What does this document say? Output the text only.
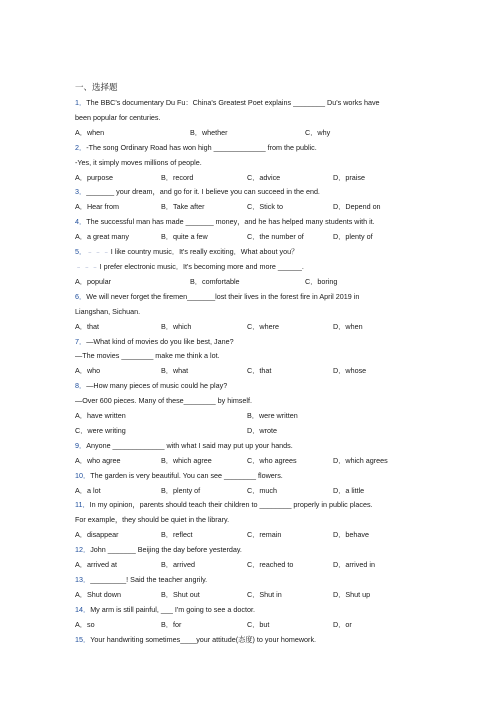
一、选择题
1．The BBC's documentary Du Fu：China's Greatest Poet explains ________ Du's works have
been popular for centuries.
A．when	B．whether	C．why
2．-The song Ordinary Road has won high _____________ from the public.
-Yes, it simply moves millions of people.
A．purpose	B．record	C．advice	D．praise
3．_______ your dream，and go for it. I believe you can succeed in the end.
A．Hear from	B．Take after	C．Stick to	D．Depend on
4．The successful man has made _______ money，and he has helped many students with it.
A．a great many	B．quite a few	C．the number of	D．plenty of
5．﹣﹣﹣I like country music．It's really exciting．What about you？
﹣﹣﹣I prefer electronic music．It's becoming more and more ______.
A．popular	B．comfortable	C．boring
6．We will never forget the firemen_______lost their lives in the forest fire in April 2019 in
Liangshan, Sichuan.
A．that	B．which	C．where	D．when
7．—What kind of movies do you like best, Jane?
—The movies ________ make me think a lot.
A．who	B．what	C．that	D．whose
8．—How many pieces of music could he play?
—Over 600 pieces. Many of these________ by himself.
A．have written	B．were written
C．were writing	D．wrote
9．Anyone _____________ with what I said may put up your hands.
A．who agree	B．which agree	C．who agrees	D．which agrees
10．The garden is very beautiful. You can see ________ flowers.
A．a lot	B．plenty of	C．much	D．a little
11．In my opinion，parents should teach their children to ________ properly in public places.
For example，they should be quiet in the library.
A．disappear	B．reflect	C．remain	D．behave
12．John _______ Beijing the day before yesterday.
A．arrived at	B．arrived	C．reached to	D．arrived in
13．_________! Said the teacher angrily.
A．Shut down	B．Shut out	C．Shut in	D．Shut up
14．My arm is still painful, ___ I'm going to see a doctor.
A．so	B．for	C．but	D．or
15．Your handwriting sometimes____your attitude(态度) to your homework.
